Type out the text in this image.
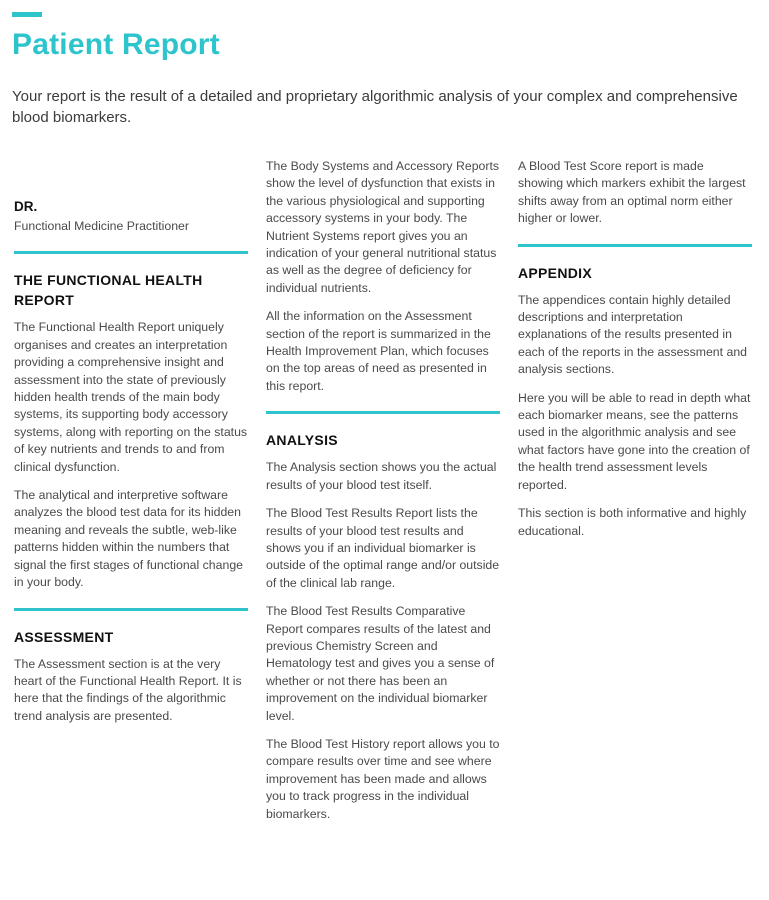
Patient Report

Your report is the result of a detailed and proprietary algorithmic analysis of your complex and comprehensive blood biomarkers.

DR.

Functional Medicine Practitioner

THE FUNCTIONAL HEALTH REPORT

The Functional Health Report uniquely organises and creates an interpretation providing a comprehensive insight and assessment into the state of previously hidden health trends of the main body systems, its supporting body accessory systems, along with reporting on the status of key nutrients and trends to and from clinical dysfunction.

The analytical and interpretive software analyzes the blood test data for its hidden meaning and reveals the subtle, web-like patterns hidden within the numbers that signal the first stages of functional change in your body.

ASSESSMENT

The Assessment section is at the very heart of the Functional Health Report. It is here that the findings of the algorithmic trend analysis are presented.

The Body Systems and Accessory Reports show the level of dysfunction that exists in the various physiological and supporting accessory systems in your body. The Nutrient Systems report gives you an indication of your general nutritional status as well as the degree of deficiency for individual nutrients.

All the information on the Assessment section of the report is summarized in the Health Improvement Plan, which focuses on the top areas of need as presented in this report.

ANALYSIS

The Analysis section shows you the actual results of your blood test itself.

The Blood Test Results Report lists the results of your blood test results and shows you if an individual biomarker is outside of the optimal range and/or outside of the clinical lab range.

The Blood Test Results Comparative Report compares results of the latest and previous Chemistry Screen and Hematology test and gives you a sense of whether or not there has been an improvement on the individual biomarker level.

The Blood Test History report allows you to compare results over time and see where improvement has been made and allows you to track progress in the individual biomarkers.

A Blood Test Score report is made showing which markers exhibit the largest shifts away from an optimal norm either higher or lower.

APPENDIX

The appendices contain highly detailed descriptions and interpretation explanations of the results presented in each of the reports in the assessment and analysis sections.

Here you will be able to read in depth what each biomarker means, see the patterns used in the algorithmic analysis and see what factors have gone into the creation of the health trend assessment levels reported.

This section is both informative and highly educational.
